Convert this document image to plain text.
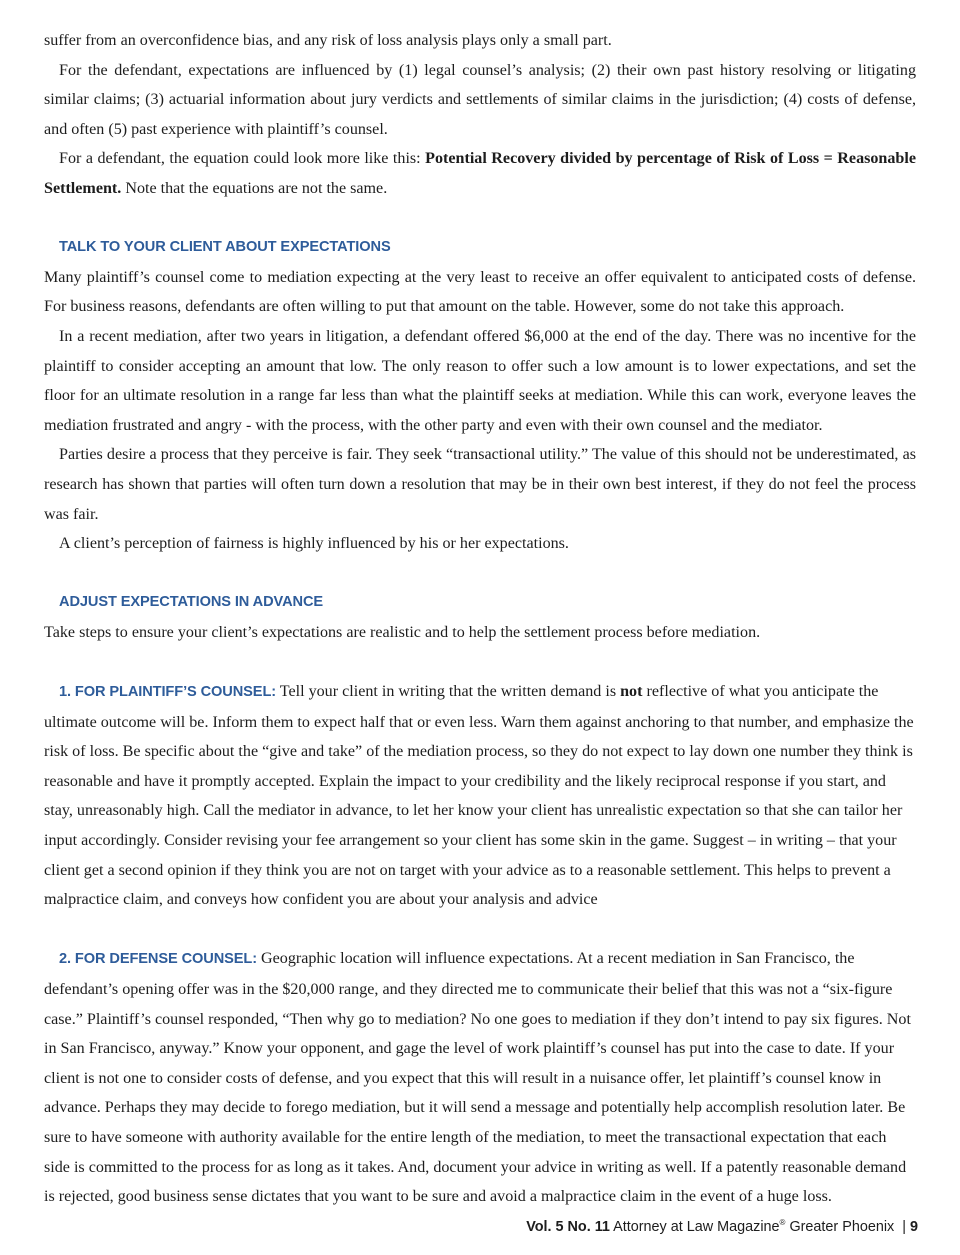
suffer from an overconfidence bias, and any risk of loss analysis plays only a small part.

For the defendant, expectations are influenced by (1) legal counsel’s analysis; (2) their own past history resolving or litigating similar claims; (3) actuarial information about jury verdicts and settlements of similar claims in the jurisdiction; (4) costs of defense, and often (5) past experience with plaintiff’s counsel.

For a defendant, the equation could look more like this: Potential Recovery divided by percentage of Risk of Loss = Reasonable Settlement. Note that the equations are not the same.

TALK TO YOUR CLIENT ABOUT EXPECTATIONS

Many plaintiff’s counsel come to mediation expecting at the very least to receive an offer equivalent to anticipated costs of defense. For business reasons, defendants are often willing to put that amount on the table. However, some do not take this approach.

In a recent mediation, after two years in litigation, a defendant offered $6,000 at the end of the day. There was no incentive for the plaintiff to consider accepting an amount that low. The only reason to offer such a low amount is to lower expectations, and set the floor for an ultimate resolution in a range far less than what the plaintiff seeks at mediation. While this can work, everyone leaves the mediation frustrated and angry - with the process, with the other party and even with their own counsel and the mediator.

Parties desire a process that they perceive is fair. They seek “transactional utility.” The value of this should not be underestimated, as research has shown that parties will often turn down a resolution that may be in their own best interest, if they do not feel the process was fair.

A client’s perception of fairness is highly influenced by his or her expectations.

ADJUST EXPECTATIONS IN ADVANCE

Take steps to ensure your client’s expectations are realistic and to help the settlement process before mediation.

1. FOR PLAINTIFF’S COUNSEL: Tell your client in writing that the written demand is not reflective of what you anticipate the ultimate outcome will be. Inform them to expect half that or even less. Warn them against anchoring to that number, and emphasize the risk of loss. Be specific about the “give and take” of the mediation process, so they do not expect to lay down one number they think is reasonable and have it promptly accepted. Explain the impact to your credibility and the likely reciprocal response if you start, and stay, unreasonably high. Call the mediator in advance, to let her know your client has unrealistic expectation so that she can tailor her input accordingly. Consider revising your fee arrangement so your client has some skin in the game. Suggest – in writing – that your client get a second opinion if they think you are not on target with your advice as to a reasonable settlement. This helps to prevent a malpractice claim, and conveys how confident you are about your analysis and advice

2. FOR DEFENSE COUNSEL: Geographic location will influence expectations. At a recent mediation in San Francisco, the defendant’s opening offer was in the $20,000 range, and they directed me to communicate their belief that this was not a “six-figure case.” Plaintiff’s counsel responded, “Then why go to mediation? No one goes to mediation if they don’t intend to pay six figures. Not in San Francisco, anyway.” Know your opponent, and gage the level of work plaintiff’s counsel has put into the case to date. If your client is not one to consider costs of defense, and you expect that this will result in a nuisance offer, let plaintiff’s counsel know in advance. Perhaps they may decide to forego mediation, but it will send a message and potentially help accomplish resolution later. Be sure to have someone with authority available for the entire length of the mediation, to meet the transactional expectation that each side is committed to the process for as long as it takes. And, document your advice in writing as well. If a patently reasonable demand is rejected, good business sense dictates that you want to be sure and avoid a malpractice claim in the event of a huge loss.

Vol. 5 No. 11 Attorney at Law Magazine® Greater Phoenix | 9
